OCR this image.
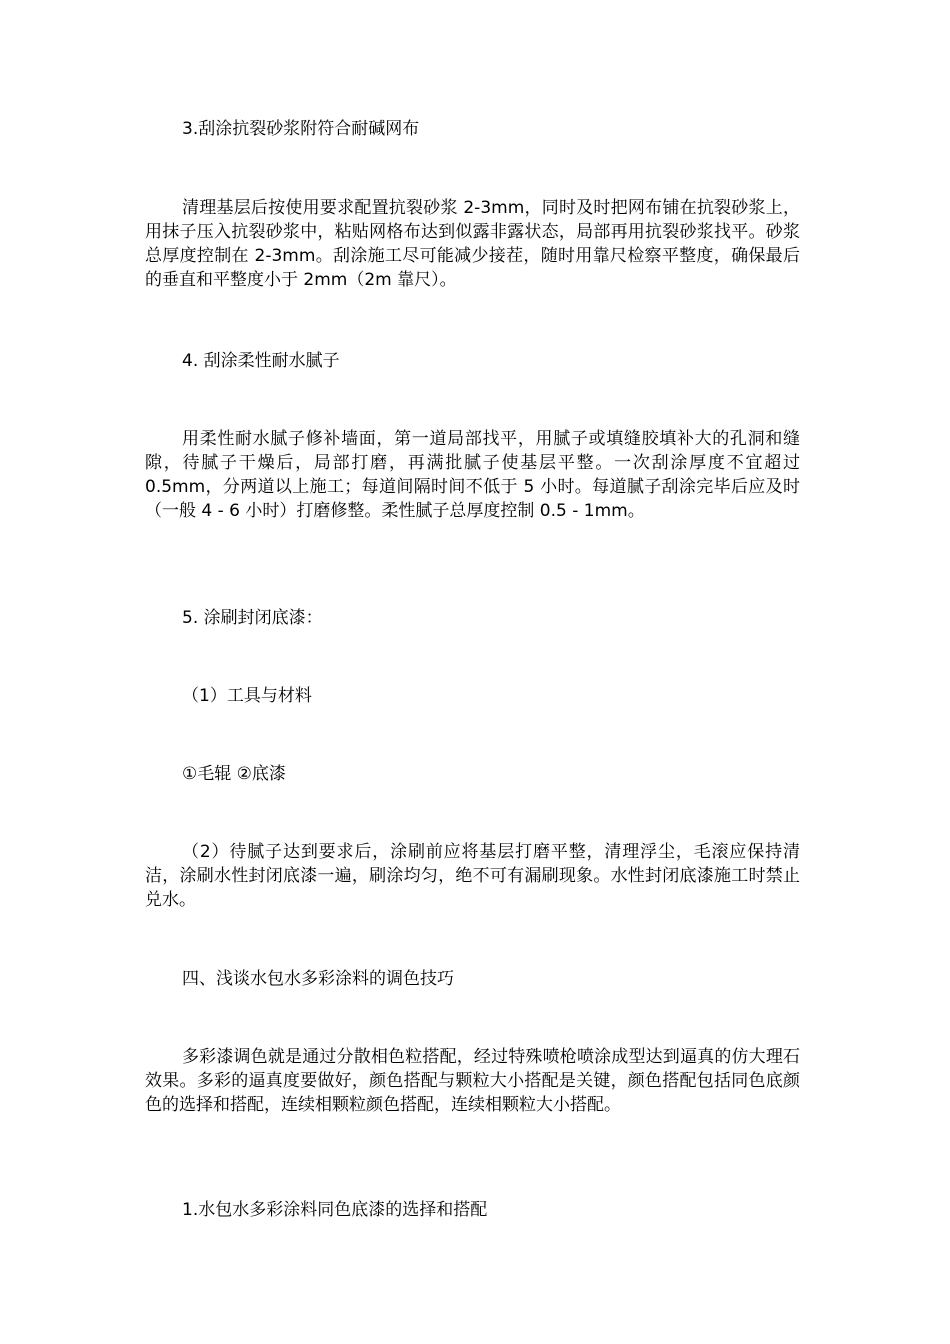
3.刮涂抗裂砂浆附符合耐碱网布

清理基层后按使用要求配置抗裂砂浆 2-3mm，同时及时把网布铺在抗裂砂浆上，用抹子压入抗裂砂浆中，粘贴网格布达到似露非露状态，局部再用抗裂砂浆找平。砂浆总厚度控制在 2-3mm。刮涂施工尽可能减少接茬，随时用靠尺检察平整度，确保最后的垂直和平整度小于 2mm（2m 靠尺）。

4. 刮涂柔性耐水腻子

用柔性耐水腻子修补墙面，第一道局部找平，用腻子或填缝胶填补大的孔洞和缝隙，待腻子干燥后，局部打磨，再满批腻子使基层平整。一次刮涂厚度不宜超过 0.5mm，分两道以上施工；每道间隔时间不低于 5 小时。每道腻子刮涂完毕后应及时（一般 4 - 6 小时）打磨修整。柔性腻子总厚度控制 0.5 - 1mm。

5. 涂刷封闭底漆：

（1）工具与材料

①毛辊 ②底漆

（2）待腻子达到要求后，涂刷前应将基层打磨平整，清理浮尘，毛滚应保持清洁，涂刷水性封闭底漆一遍，刷涂均匀，绝不可有漏刷现象。水性封闭底漆施工时禁止兑水。

四、浅谈水包水多彩涂料的调色技巧

多彩漆调色就是通过分散相色粒搭配，经过特殊喷枪喷涂成型达到逼真的仿大理石效果。多彩的逼真度要做好，颜色搭配与颗粒大小搭配是关键，颜色搭配包括同色底颜色的选择和搭配，连续相颗粒颜色搭配，连续相颗粒大小搭配。

1.水包水多彩涂料同色底漆的选择和搭配
